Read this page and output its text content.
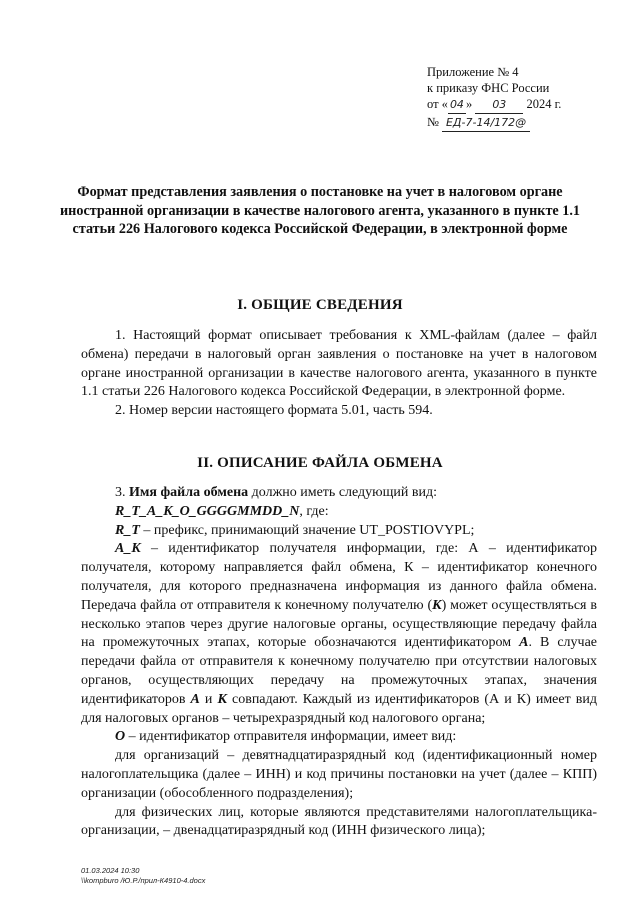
Приложение № 4
к приказу ФНС России
от « 04 » 03 2024 г.
№ ЕД-7-14/172@
Формат представления заявления о постановке на учет в налоговом органе иностранной организации в качестве налогового агента, указанного в пункте 1.1 статьи 226 Налогового кодекса Российской Федерации, в электронной форме
I. ОБЩИЕ СВЕДЕНИЯ

1. Настоящий формат описывает требования к XML-файлам (далее – файл обмена) передачи в налоговый орган заявления о постановке на учет в налоговом органе иностранной организации в качестве налогового агента, указанного в пункте 1.1 статьи 226 Налогового кодекса Российской Федерации, в электронной форме.

2. Номер версии настоящего формата 5.01, часть 594.

II. ОПИСАНИЕ ФАЙЛА ОБМЕНА

3. Имя файла обмена должно иметь следующий вид:

R_T_A_K_O_GGGGMMDD_N, где:

R_T – префикс, принимающий значение UT_POSTIOVYPL;

A_K – идентификатор получателя информации, где: А – идентификатор получателя, которому направляется файл обмена, К – идентификатор конечного получателя, для которого предназначена информация из данного файла обмена. Передача файла от отправителя к конечному получателю (К) может осуществляться в несколько этапов через другие налоговые органы, осуществляющие передачу файла на промежуточных этапах, которые обозначаются идентификатором А. В случае передачи файла от отправителя к конечному получателю при отсутствии налоговых органов, осуществляющих передачу на промежуточных этапах, значения идентификаторов А и К совпадают. Каждый из идентификаторов (А и К) имеет вид для налоговых органов – четырехразрядный код налогового органа;

О – идентификатор отправителя информации, имеет вид:

для организаций – девятнадцатиразрядный код (идентификационный номер налогоплательщика (далее – ИНН) и код причины постановки на учет (далее – КПП) организации (обособленного подразделения);

для физических лиц, которые являются представителями налогоплательщика-организации, – двенадцатиразрядный код (ИНН физического лица);

01.03.2024 10:30
\\kompburo /Ю.Р./прил-К4910-4.docx
